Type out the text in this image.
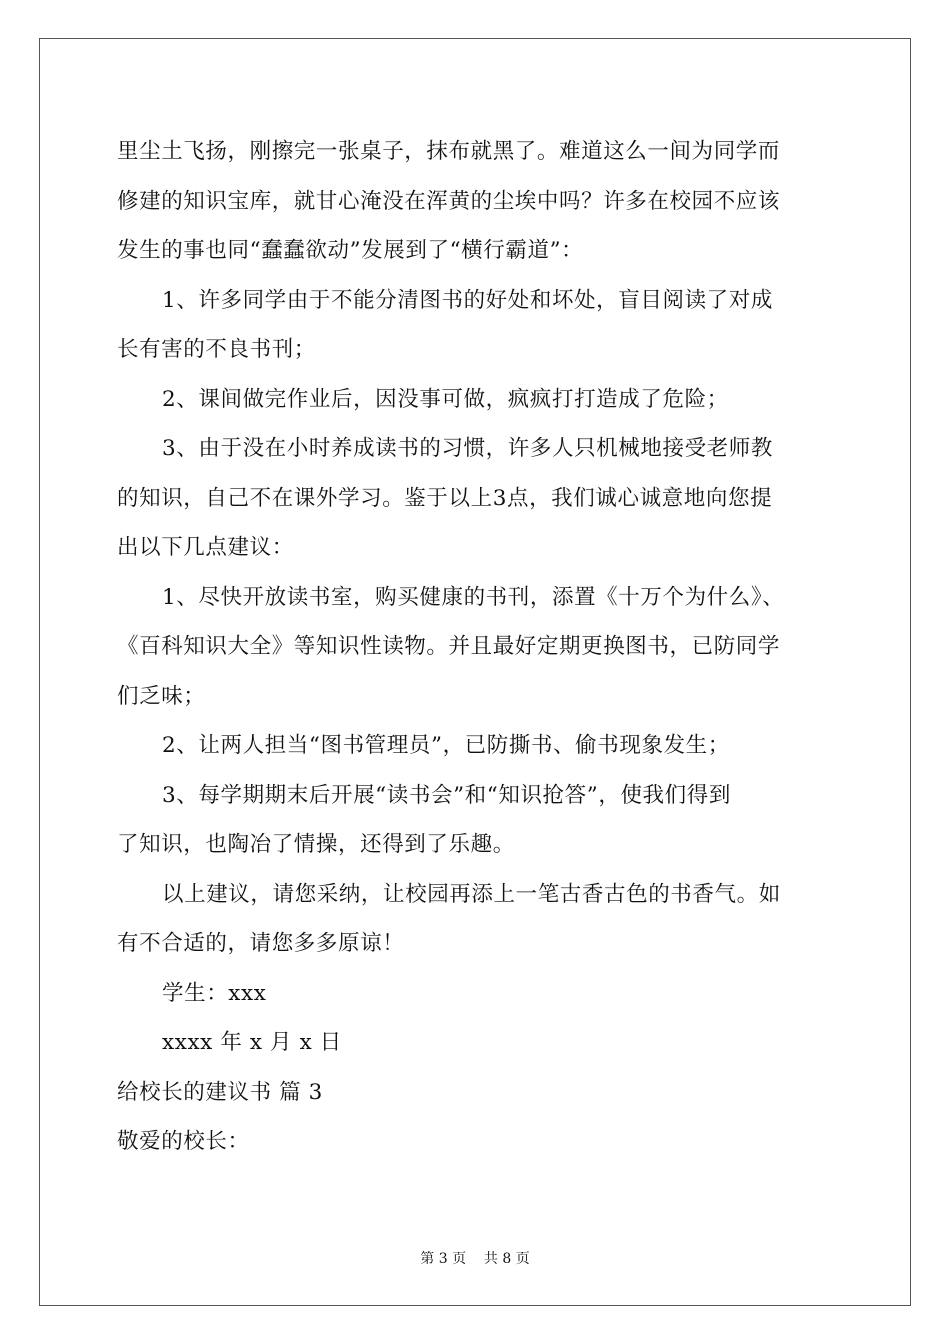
里尘土飞扬，刚擦完一张桌子，抹布就黑了。难道这么一间为同学而
修建的知识宝库，就甘心淹没在浑黄的尘埃中吗？许多在校园不应该
发生的事也同“蠢蠢欲动”发展到了“横行霸道”：
1、许多同学由于不能分清图书的好处和坏处，盲目阅读了对成
长有害的不良书刊；
2、课间做完作业后，因没事可做，疯疯打打造成了危险；
3、由于没在小时养成读书的习惯，许多人只机械地接受老师教
的知识，自己不在课外学习。鉴于以上3点，我们诚心诚意地向您提
出以下几点建议：
1、尽快开放读书室，购买健康的书刊，添置《十万个为什么》、
《百科知识大全》等知识性读物。并且最好定期更换图书，已防同学
们乏味；
2、让两人担当“图书管理员”，已防撕书、偷书现象发生；
3、每学期期末后开展“读书会”和“知识抢答”，使我们得到
了知识，也陶冶了情操，还得到了乐趣。
以上建议，请您采纳，让校园再添上一笔古香古色的书香气。如
有不合适的，请您多多原谅！
学生：xxx
xxxx 年 x 月 x 日
给校长的建议书 篇 3
敬爱的校长：
第 3 页    共 8 页
